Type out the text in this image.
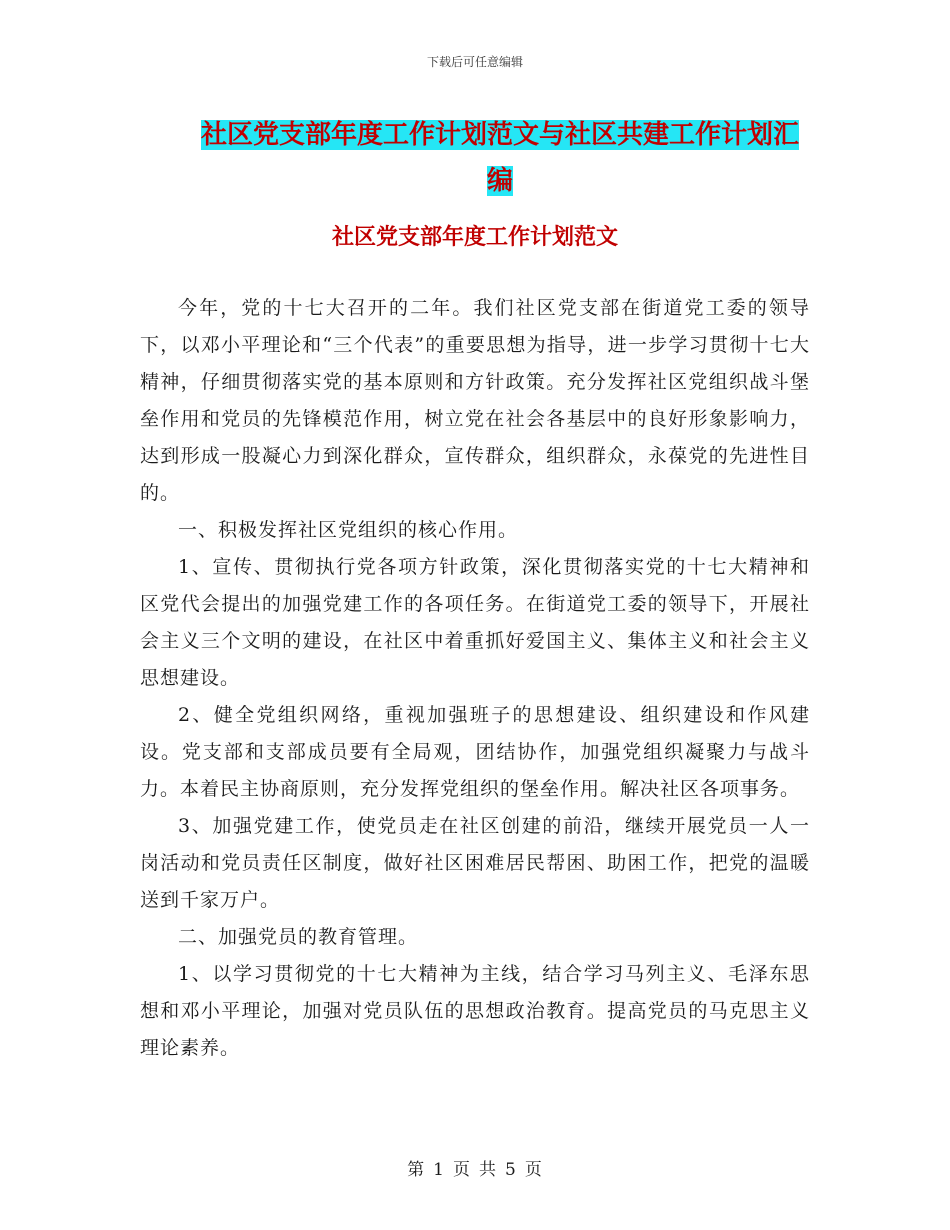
下载后可任意编辑
社区党支部年度工作计划范文与社区共建工作计划汇编
社区党支部年度工作计划范文

今年，党的十七大召开的二年。我们社区党支部在街道党工委的领导下，以邓小平理论和“三个代表”的重要思想为指导，进一步学习贯彻十七大精神，仔细贯彻落实党的基本原则和方针政策。充分发挥社区党组织战斗堡垒作用和党员的先锋模范作用，树立党在社会各基层中的良好形象影响力，达到形成一股凝心力到深化群众，宣传群众，组织群众，永葆党的先进性目的。

一、积极发挥社区党组织的核心作用。

1、宣传、贯彻执行党各项方针政策，深化贯彻落实党的十七大精神和区党代会提出的加强党建工作的各项任务。在街道党工委的领导下，开展社会主义三个文明的建设，在社区中着重抓好爱国主义、集体主义和社会主义思想建设。

2、健全党组织网络，重视加强班子的思想建设、组织建设和作风建设。党支部和支部成员要有全局观，团结协作，加强党组织凝聚力与战斗力。本着民主协商原则，充分发挥党组织的堡垒作用。解决社区各项事务。

3、加强党建工作，使党员走在社区创建的前沿，继续开展党员一人一岗活动和党员责任区制度，做好社区困难居民帮困、助困工作，把党的温暖送到千家万户。

二、加强党员的教育管理。

1、以学习贯彻党的十七大精神为主线，结合学习马列主义、毛泽东思想和邓小平理论，加强对党员队伍的思想政治教育。提高党员的马克思主义理论素养。

第 1 页 共 5 页
